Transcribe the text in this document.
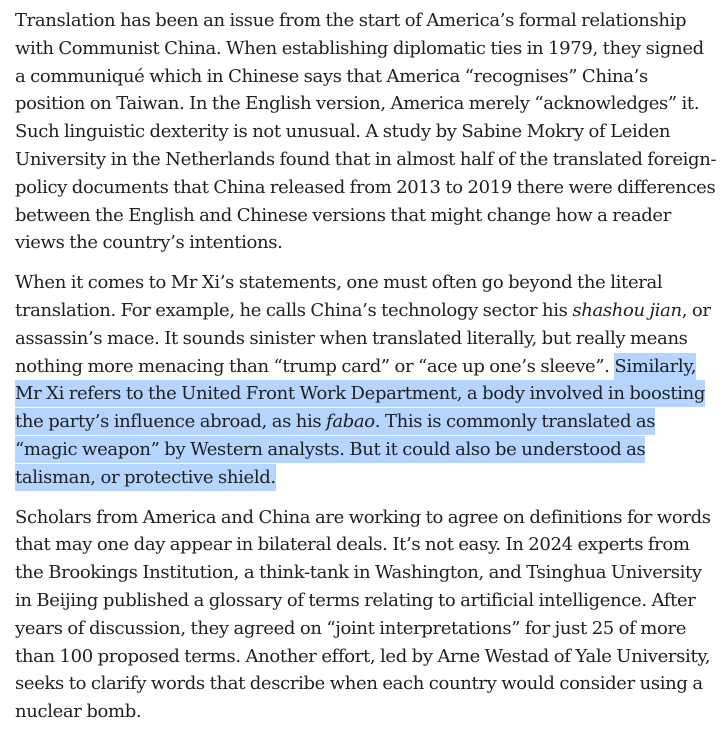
Translation has been an issue from the start of America’s formal relationship with Communist China. When establishing diplomatic ties in 1979, they signed a communiqué which in Chinese says that America “recognises” China’s position on Taiwan. In the English version, America merely “acknowledges” it. Such linguistic dexterity is not unusual. A study by Sabine Mokry of Leiden University in the Netherlands found that in almost half of the translated foreign-policy documents that China released from 2013 to 2019 there were differences between the English and Chinese versions that might change how a reader views the country’s intentions.

When it comes to Mr Xi’s statements, one must often go beyond the literal translation. For example, he calls China’s technology sector his shashou jian, or assassin’s mace. It sounds sinister when translated literally, but really means nothing more menacing than “trump card” or “ace up one’s sleeve”. Similarly, Mr Xi refers to the United Front Work Department, a body involved in boosting the party’s influence abroad, as his fabao. This is commonly translated as “magic weapon” by Western analysts. But it could also be understood as talisman, or protective shield.

Scholars from America and China are working to agree on definitions for words that may one day appear in bilateral deals. It’s not easy. In 2024 experts from the Brookings Institution, a think-tank in Washington, and Tsinghua University in Beijing published a glossary of terms relating to artificial intelligence. After years of discussion, they agreed on “joint interpretations” for just 25 of more than 100 proposed terms. Another effort, led by Arne Westad of Yale University, seeks to clarify words that describe when each country would consider using a nuclear bomb.
